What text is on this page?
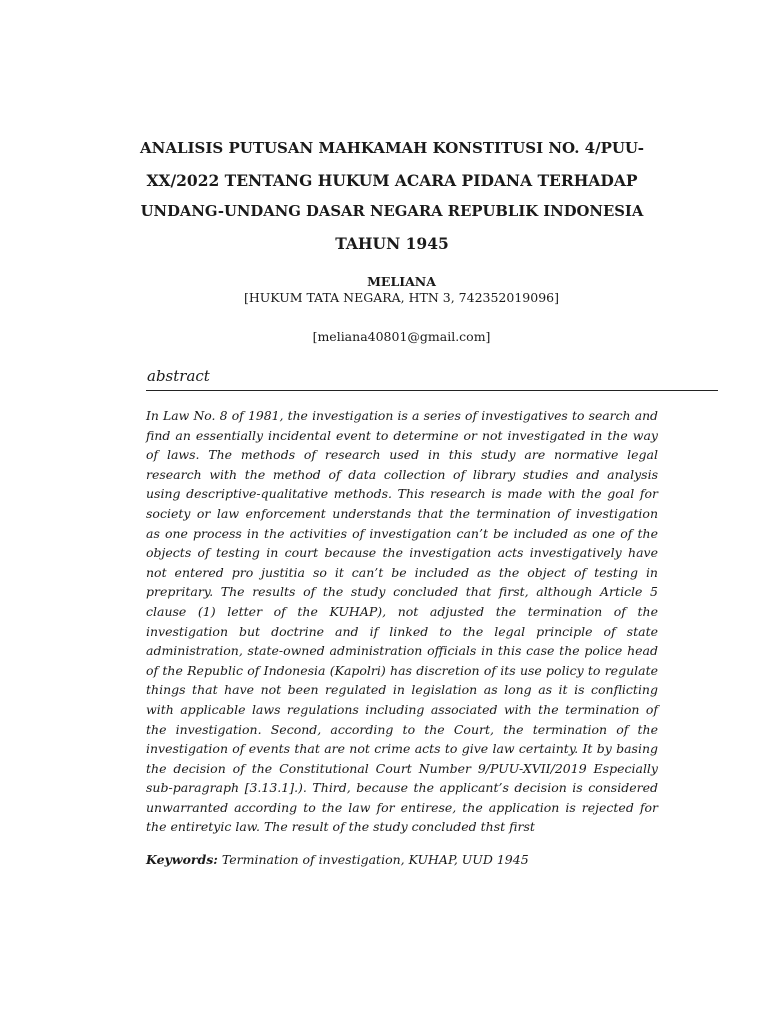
ANALISIS PUTUSAN MAHKAMAH KONSTITUSI NO. 4/PUU-
XX/2022 TENTANG HUKUM ACARA PIDANA TERHADAP
UNDANG-UNDANG DASAR NEGARA REPUBLIK INDONESIA
TAHUN 1945
MELIANA
[HUKUM TATA NEGARA, HTN 3, 742352019096]
[meliana40801@gmail.com]
abstract
In Law No. 8 of 1981, the investigation is a series of investigatives to search and
find an essentially incidental event to determine or not investigated in the way
of laws. The methods of research used in this study are normative legal
research with the method of data collection of library studies and analysis
using descriptive-qualitative methods. This research is made with the goal for
society or law enforcement understands that the termination of investigation
as one process in the activities of investigation can’t be included as one of the
objects of testing in court because the investigation acts investigatively have
not entered pro justitia so it can’t be included as the object of testing in
prepritary. The results of the study concluded that first, although Article 5
clause (1) letter of the KUHAP), not adjusted the termination of the
investigation but doctrine and if linked to the legal principle of state
administration, state-owned administration officials in this case the police head
of the Republic of Indonesia (Kapolri) has discretion of its use policy to regulate
things that have not been regulated in legislation as long as it is conflicting
with applicable laws regulations including associated with the termination of
the investigation. Second, according to the Court, the termination of the
investigation of events that are not crime acts to give law certainty. It by basing
the decision of the Constitutional Court Number 9/PUU-XVII/2019 Especially
sub-paragraph [3.13.1].). Third, because the applicant’s decision is considered
unwarranted according to the law for entirese, the application is rejected for
the entiretyic law. The result of the study concluded thst first
Keywords: Termination of investigation, KUHAP, UUD 1945
